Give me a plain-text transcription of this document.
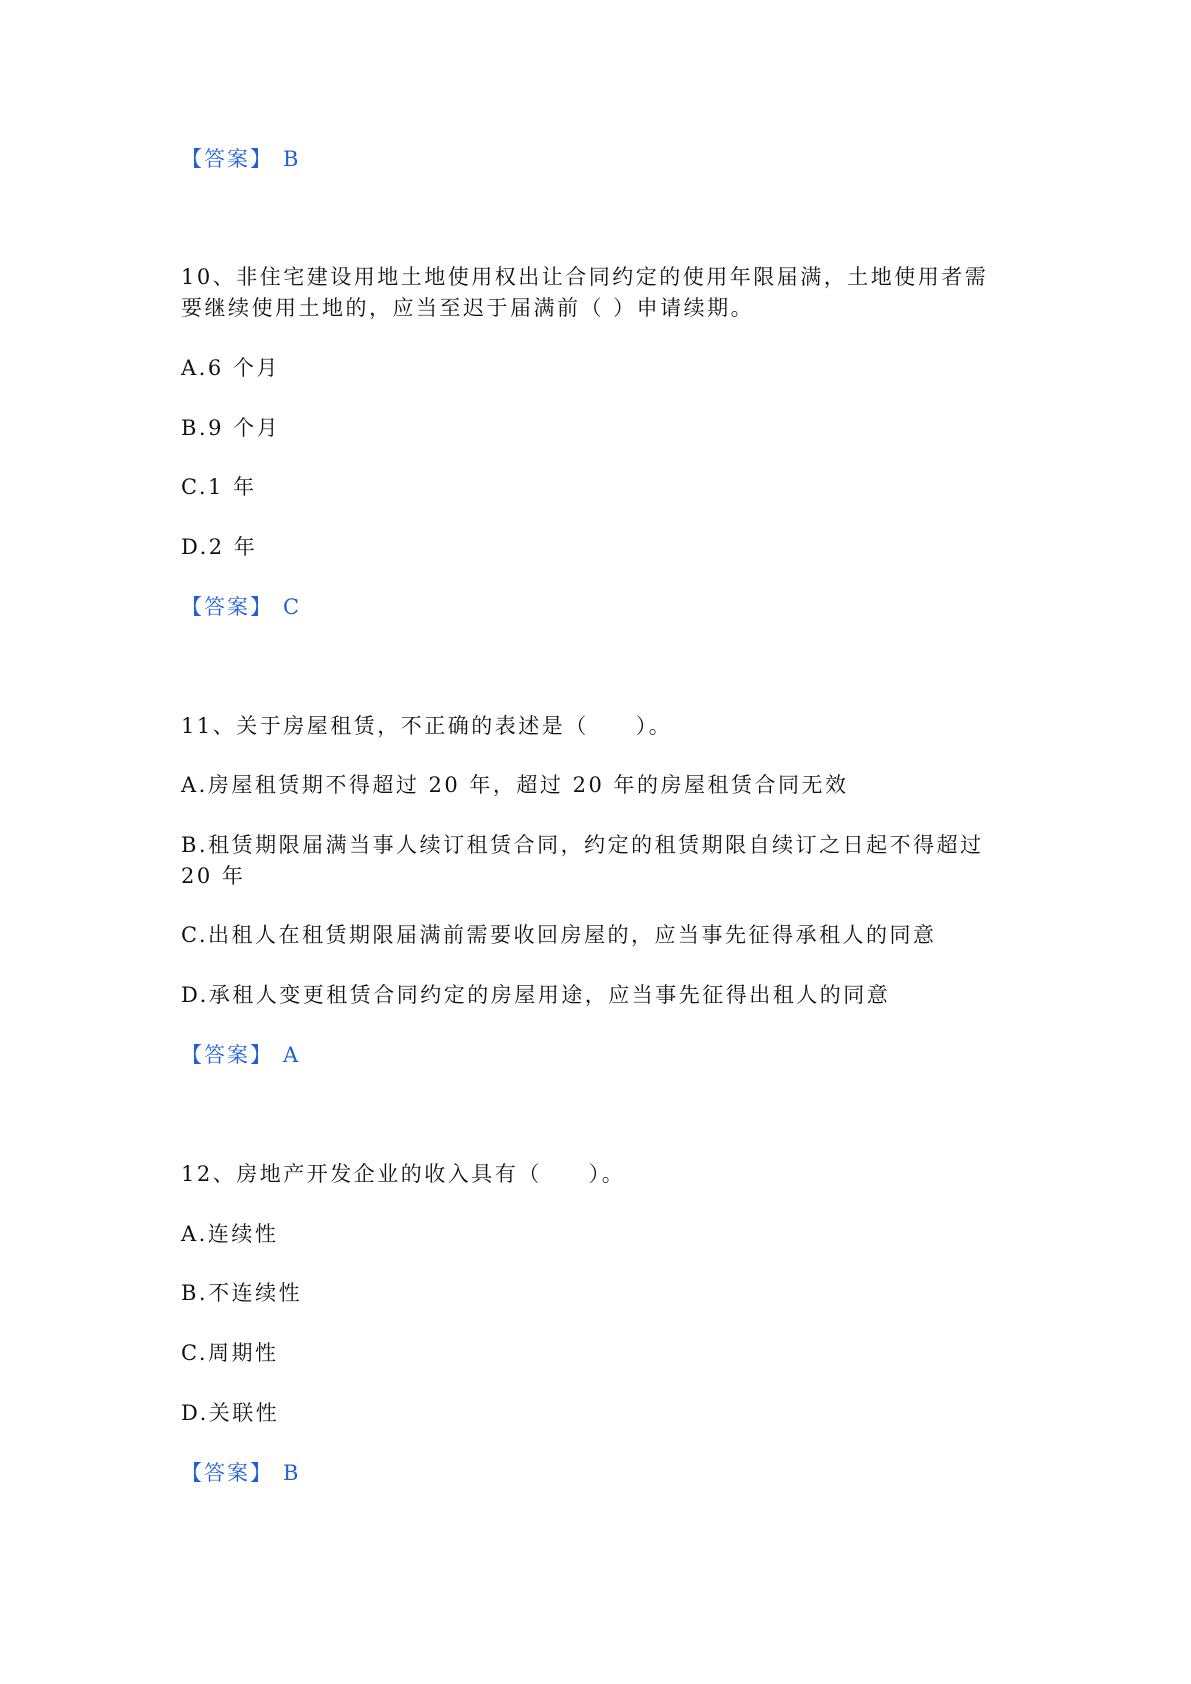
【答案】 B
10、非住宅建设用地土地使用权出让合同约定的使用年限届满，土地使用者需
要继续使用土地的，应当至迟于届满前（ ）申请续期。
A.6 个月
B.9 个月
C.1 年
D.2 年
【答案】 C
11、关于房屋租赁，不正确的表述是（　　）。
A.房屋租赁期不得超过 20 年，超过 20 年的房屋租赁合同无效
B.租赁期限届满当事人续订租赁合同，约定的租赁期限自续订之日起不得超过
20 年
C.出租人在租赁期限届满前需要收回房屋的，应当事先征得承租人的同意
D.承租人变更租赁合同约定的房屋用途，应当事先征得出租人的同意
【答案】 A
12、房地产开发企业的收入具有（　　）。
A.连续性
B.不连续性
C.周期性
D.关联性
【答案】 B
